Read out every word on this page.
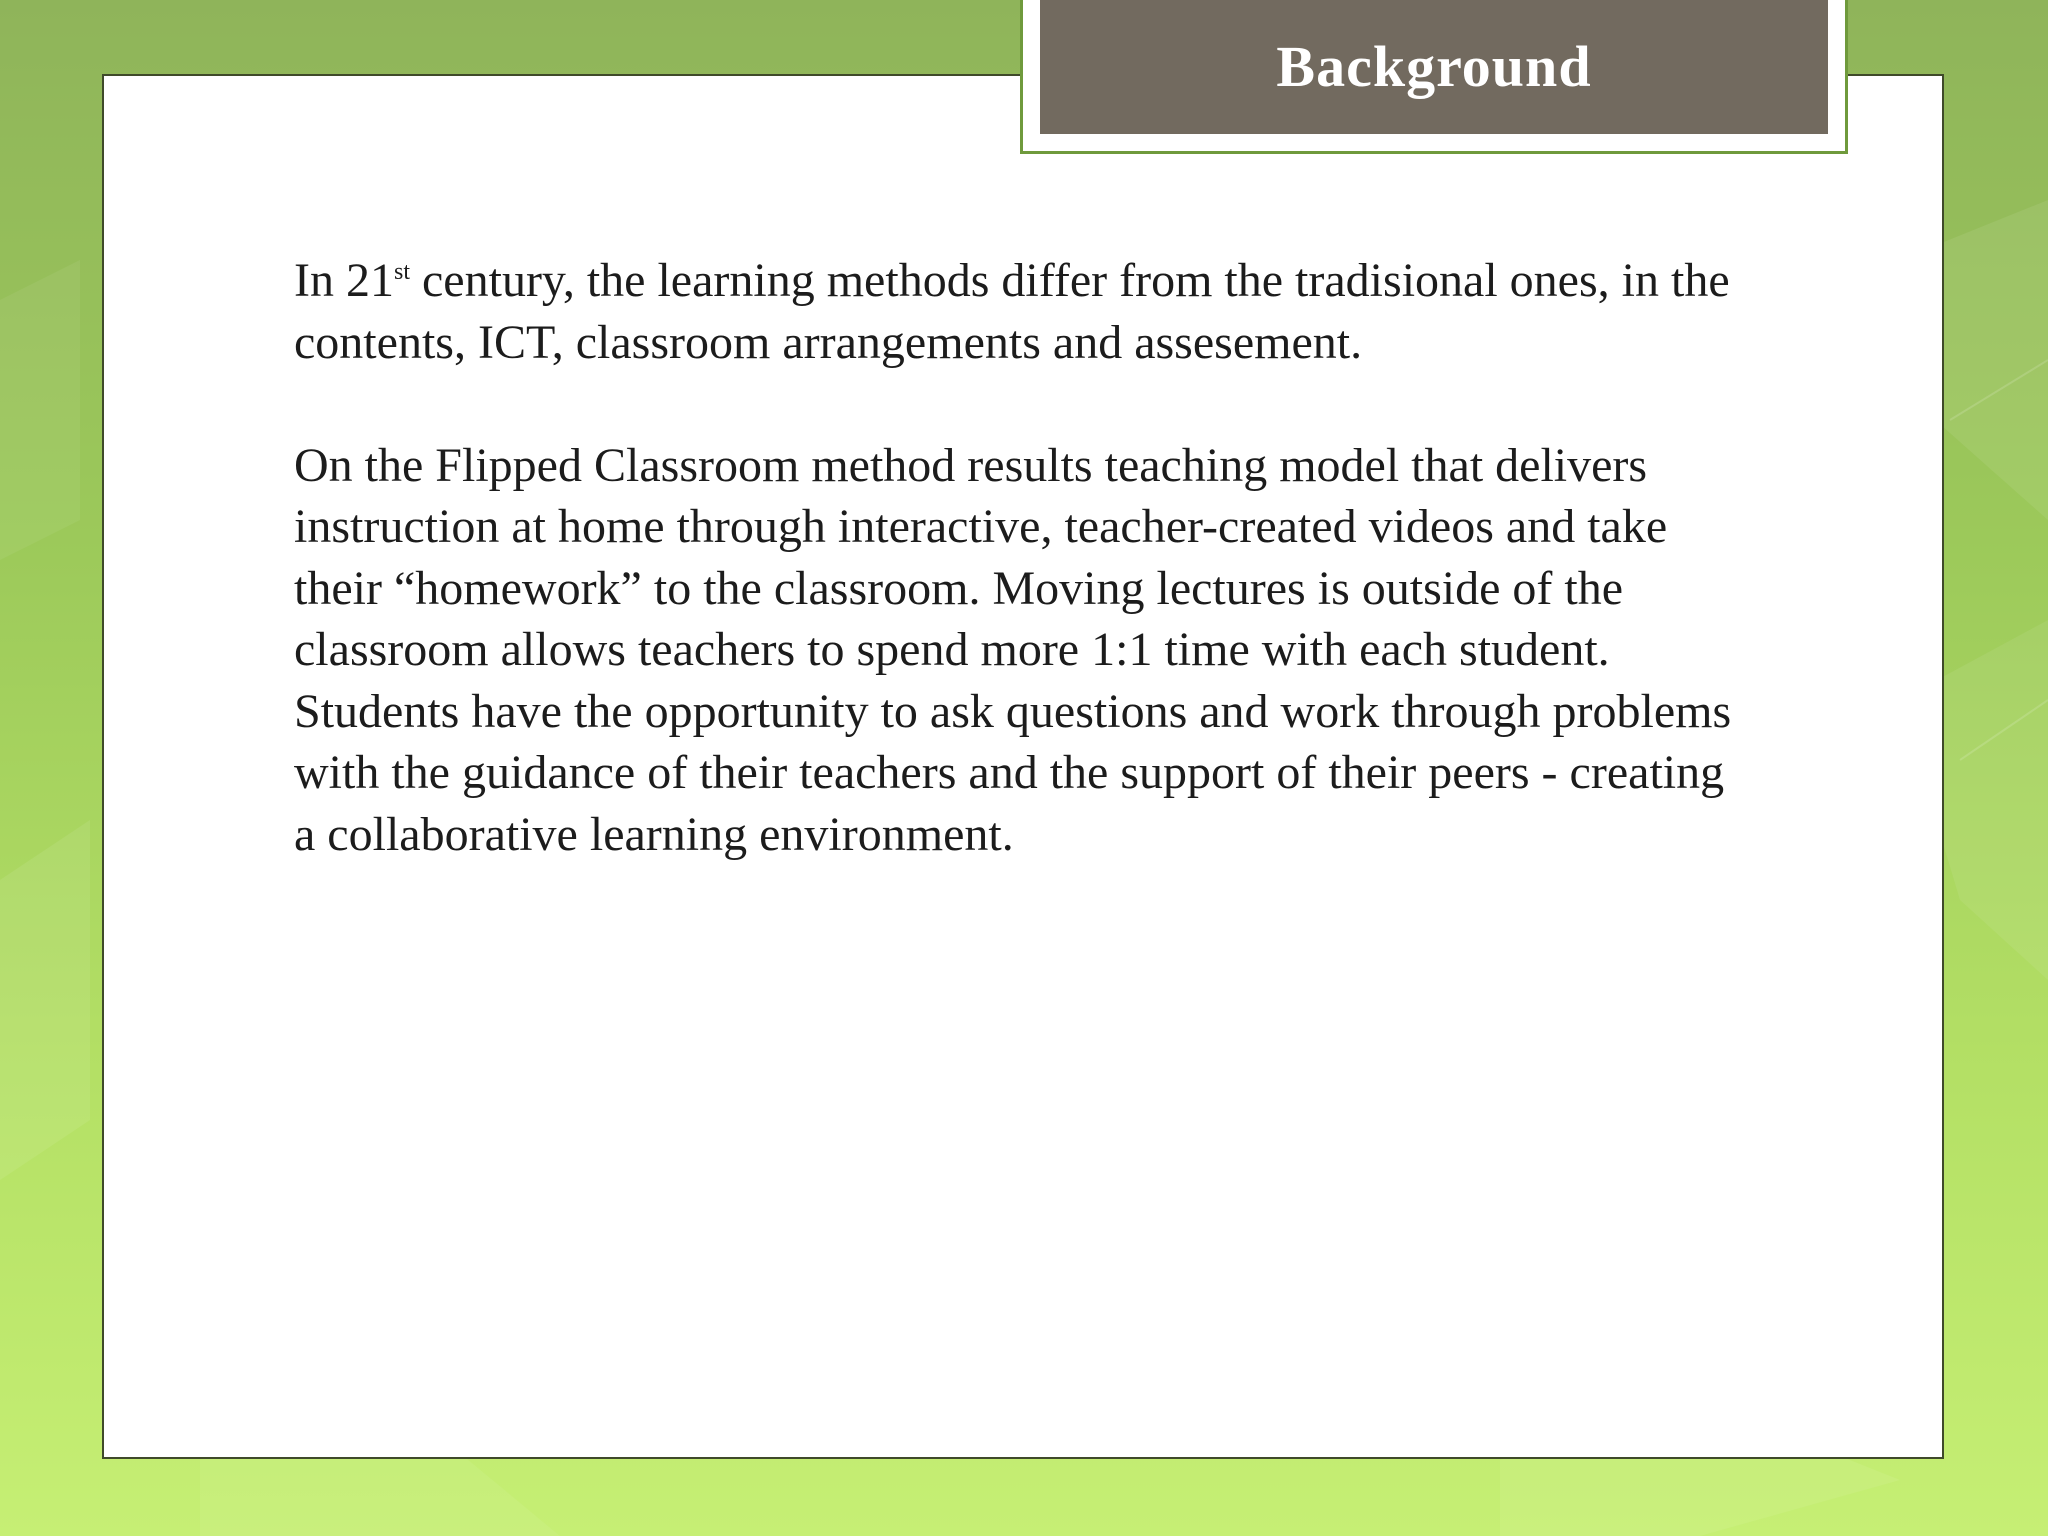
Background

In 21st century, the learning methods differ from the tradisional ones, in the contents, ICT, classroom arrangements and assesement.

On the Flipped Classroom method results teaching model that delivers instruction at home through interactive, teacher-created videos and take their “homework” to the classroom. Moving lectures is outside of the classroom allows teachers to spend more 1:1 time with each student. Students have the opportunity to ask questions and work through problems with the guidance of their teachers and the support of their peers - creating a collaborative learning environment.
